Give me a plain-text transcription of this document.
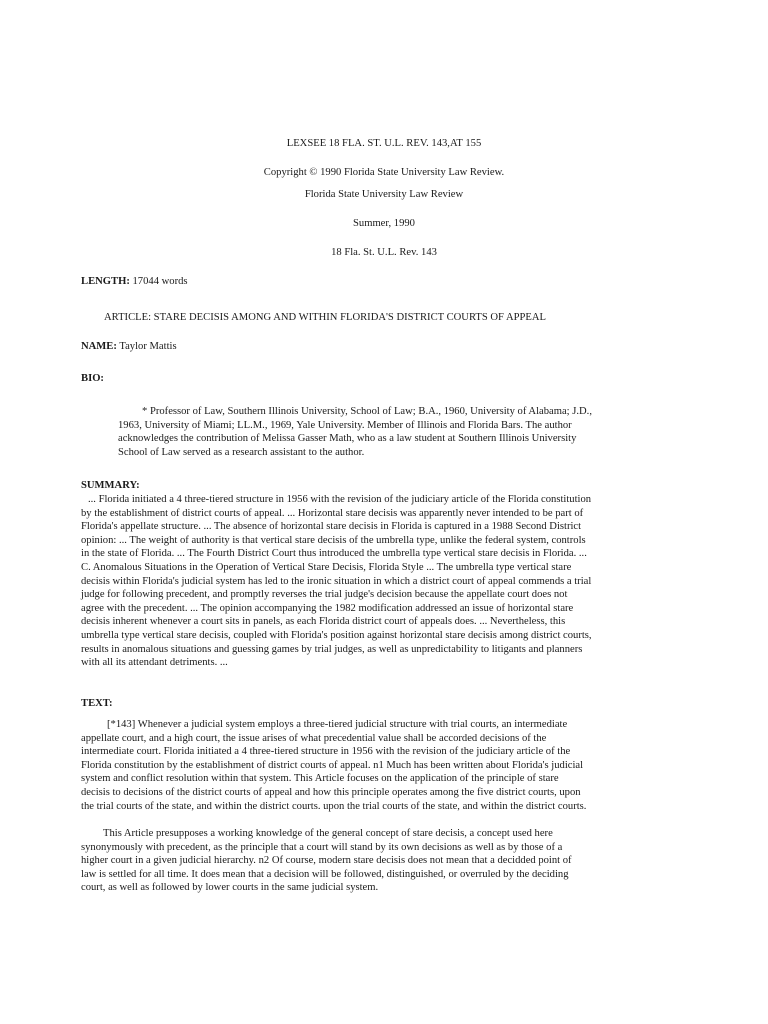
LEXSEE 18 FLA. ST. U.L. REV. 143,AT 155
Copyright © 1990 Florida State University Law Review.
Florida State University Law Review
Summer, 1990
18 Fla. St. U.L. Rev. 143
LENGTH: 17044 words
ARTICLE: STARE DECISIS AMONG AND WITHIN FLORIDA'S DISTRICT COURTS OF APPEAL
NAME: Taylor Mattis
BIO:
* Professor of Law, Southern Illinois University, School of Law; B.A., 1960, University of Alabama; J.D.,
1963, University of Miami; LL.M., 1969, Yale University. Member of Illinois and Florida Bars. The author
acknowledges the contribution of Melissa Gasser Math, who as a law student at Southern Illinois University
School of Law served as a research assistant to the author.
SUMMARY:
... Florida initiated a 4 three-tiered structure in 1956 with the revision of the judiciary article of the Florida constitution
by the establishment of district courts of appeal. ... Horizontal stare decisis was apparently never intended to be part of
Florida's appellate structure. ... The absence of horizontal stare decisis in Florida is captured in a 1988 Second District
opinion: ... The weight of authority is that vertical stare decisis of the umbrella type, unlike the federal system, controls
in the state of Florida. ... The Fourth District Court thus introduced the umbrella type vertical stare decisis in Florida. ...
C. Anomalous Situations in the Operation of Vertical Stare Decisis, Florida Style ... The umbrella type vertical stare
decisis within Florida's judicial system has led to the ironic situation in which a district court of appeal commends a trial
judge for following precedent, and promptly reverses the trial judge's decision because the appellate court does not
agree with the precedent. ... The opinion accompanying the 1982 modification addressed an issue of horizontal stare
decisis inherent whenever a court sits in panels, as each Florida district court of appeals does. ... Nevertheless, this
umbrella type vertical stare decisis, coupled with Florida's position against horizontal stare decisis among district courts,
results in anomalous situations and guessing games by trial judges, as well as unpredictability to litigants and planners
with all its attendant detriments. ...
TEXT:
[*143] Whenever a judicial system employs a three-tiered judicial structure with trial courts, an intermediate
appellate court, and a high court, the issue arises of what precedential value shall be accorded decisions of the
intermediate court. Florida initiated a 4 three-tiered structure in 1956 with the revision of the judiciary article of the
Florida constitution by the establishment of district courts of appeal. n1 Much has been written about Florida's judicial
system and conflict resolution within that system. This Article focuses on the application of the principle of stare
decisis to decisions of the district courts of appeal and how this principle operates among the five district courts, upon
the trial courts of the state, and within the district courts. upon the trial courts of the state, and within the district courts.
This Article presupposes a working knowledge of the general concept of stare decisis, a concept used here
synonymously with precedent, as the principle that a court will stand by its own decisions as well as by those of a
higher court in a given judicial hierarchy. n2 Of course, modern stare decisis does not mean that a decidded point of
law is settled for all time. It does mean that a decision will be followed, distinguished, or overruled by the deciding
court, as well as followed by lower courts in the same judicial system.
